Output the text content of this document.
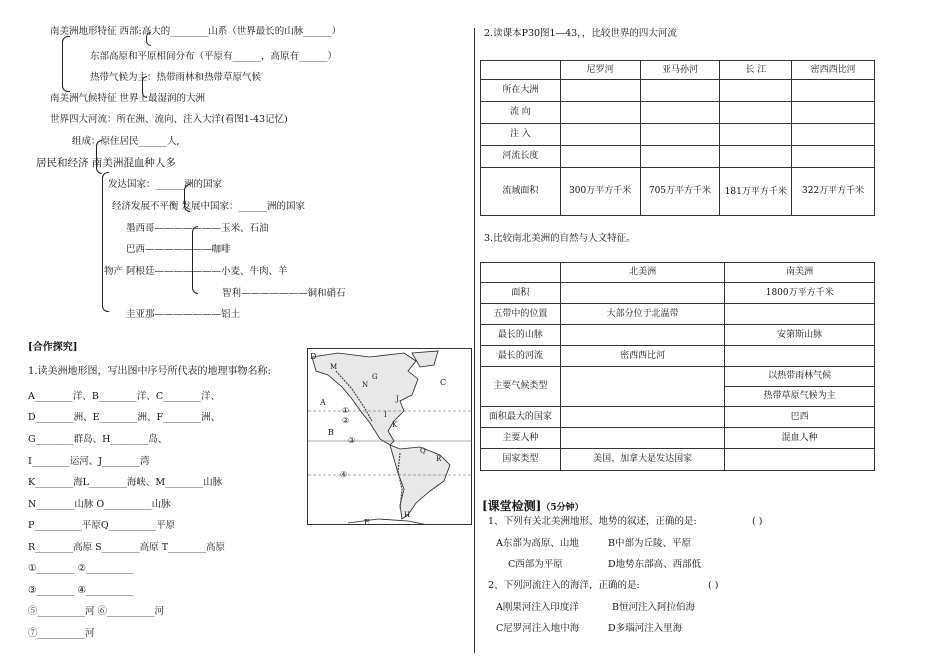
南美洲地形特征 西部:高大的________山系（世界最长的山脉______）
东部高原和平原相间分布（平原有______，高原有______）
热带气候为主：热带雨林和热带草原气候
南美洲气候特征 世界上最湿润的大洲
世界四大河流：所在洲、流向、注入大洋(看图1-43记忆)
组成：原住居民______人,
居民和经济 南美洲混血种人多
发达国家：______洲的国家
经济发展不平衡 发展中国家：______洲的国家
墨西哥———————玉米、石油
巴西———————咖啡
物产 阿根廷———————小麦、牛肉、羊
智利———————铜和硝石
圭亚那———————铝土
[合作探究]
1.读美洲地形图，写出图中序号所代表的地理事物名称:
A________洋、B________洋、C________洋、
D________洲、E________洲、F________洲、
G________群岛、H________岛、
I________运河、J________湾
K________海L________海峡、M________山脉
N________山脉 O__________山脉
P__________平原Q__________平原
R________高原 S________高原 T________高原
①________ ②__________
③________ ④__________
⑤__________河 ⑥__________河
⑦__________河
D
A
C
B
E
①
②
③
④
N
M
I
J
K
H
G
R
Q
2.读课本P30图1—43，，比较世界的四大河流
	尼罗河	亚马孙河	长 江	密西西比河
所在大洲				
流 向				
注 入				
河流长度				
流域面积	300万平方千米	705万平方千米	181万平方千米	322万平方千米
3.比较南北美洲的自然与人文特征。
	北美洲	南美洲
面积		1800万平方千米
五带中的位置	大部分位于北温带	
最长的山脉		安第斯山脉
最长的河流	密西西比河	
主要气候类型		以热带雨林气候
		热带草原气候为主
面积最大的国家		巴西
主要人种		混血人种
国家类型	美国、加拿大是发达国家	
[课堂检测]（5分钟）
1、下列有关北美洲地形、地势的叙述，正确的是:	( )
A东部为高原、山地	B中部为丘陵、平原
C西部为平原	D地势东部高、西部低
2、下列河流注入的海洋，正确的是:	( )
A刚果河注入印度洋	B恒河注入阿拉伯海
C尼罗河注入地中海	D多瑙河注入里海
